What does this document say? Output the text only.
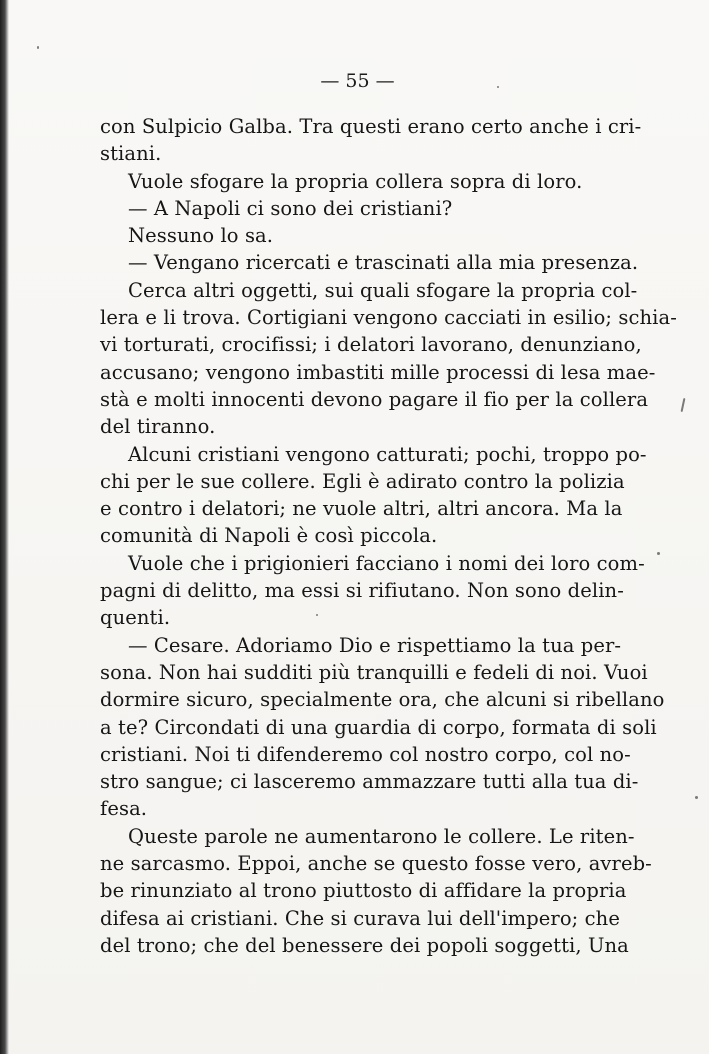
— 55 —
con Sulpicio Galba. Tra questi erano certo anche i cri-
stiani.
Vuole sfogare la propria collera sopra di loro.
— A Napoli ci sono dei cristiani?
Nessuno lo sa.
— Vengano ricercati e trascinati alla mia presenza.
Cerca altri oggetti, sui quali sfogare la propria col-
lera e li trova. Cortigiani vengono cacciati in esilio; schia-
vi torturati, crocifissi; i delatori lavorano, denunziano,
accusano; vengono imbastiti mille processi di lesa mae-
stà e molti innocenti devono pagare il fio per la collera
del tiranno.
Alcuni cristiani vengono catturati; pochi, troppo po-
chi per le sue collere. Egli è adirato contro la polizia
e contro i delatori; ne vuole altri, altri ancora. Ma la
comunità di Napoli è così piccola.
Vuole che i prigionieri facciano i nomi dei loro com-
pagni di delitto, ma essi si rifiutano. Non sono delin-
quenti.
— Cesare. Adoriamo Dio e rispettiamo la tua per-
sona. Non hai sudditi più tranquilli e fedeli di noi. Vuoi
dormire sicuro, specialmente ora, che alcuni si ribellano
a te? Circondati di una guardia di corpo, formata di soli
cristiani. Noi ti difenderemo col nostro corpo, col no-
stro sangue; ci lasceremo ammazzare tutti alla tua di-
fesa.
Queste parole ne aumentarono le collere. Le riten-
ne sarcasmo. Eppoi, anche se questo fosse vero, avreb-
be rinunziato al trono piuttosto di affidare la propria
difesa ai cristiani. Che si curava lui dell'impero; che
del trono; che del benessere dei popoli soggetti, Una
